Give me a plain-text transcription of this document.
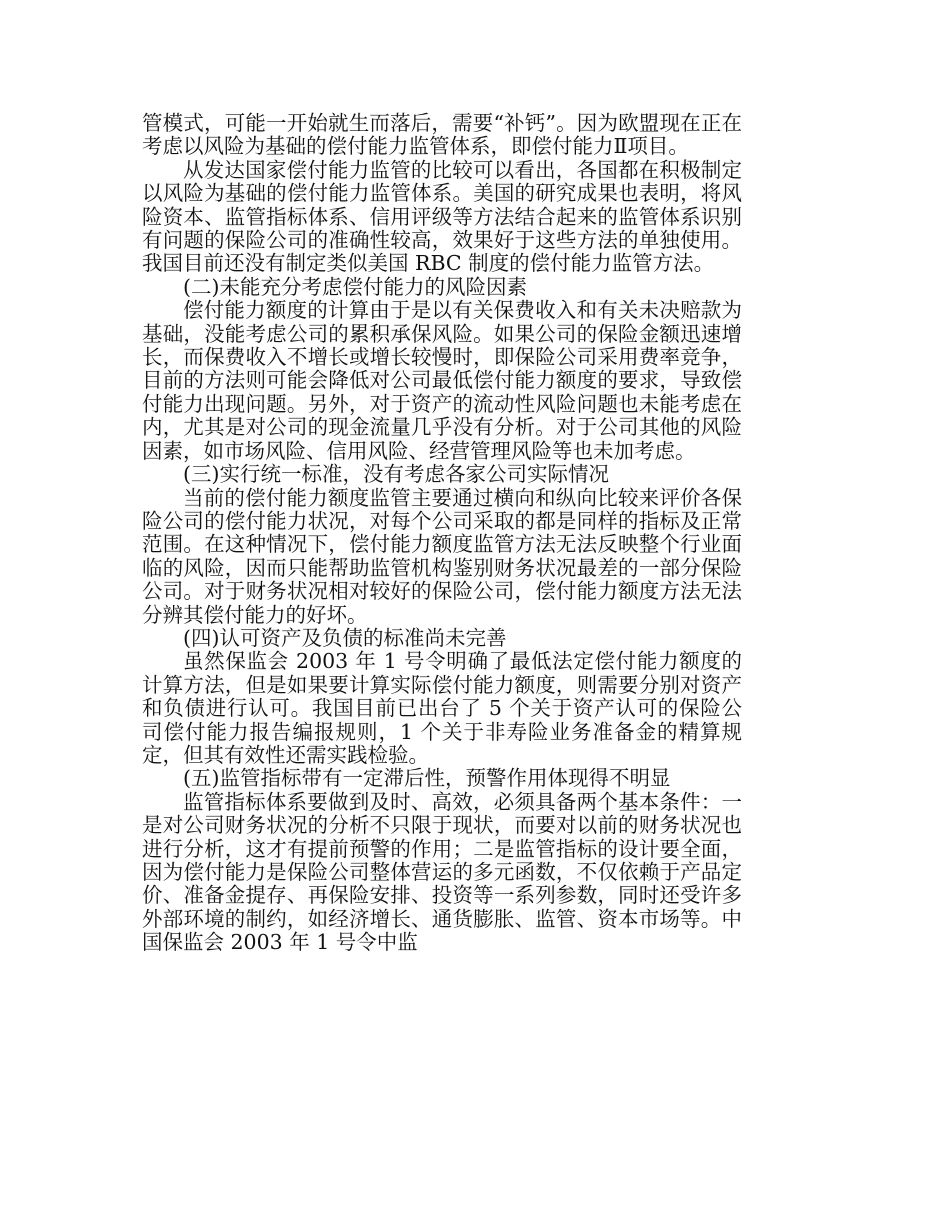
管模式，可能一开始就生而落后，需要“补钙”。因为欧盟现在正在考虑以风险为基础的偿付能力监管体系，即偿付能力Ⅱ项目。

从发达国家偿付能力监管的比较可以看出，各国都在积极制定以风险为基础的偿付能力监管体系。美国的研究成果也表明，将风险资本、监管指标体系、信用评级等方法结合起来的监管体系识别有问题的保险公司的准确性较高，效果好于这些方法的单独使用。我国目前还没有制定类似美国 RBC 制度的偿付能力监管方法。

(二)未能充分考虑偿付能力的风险因素

偿付能力额度的计算由于是以有关保费收入和有关未决赔款为基础，没能考虑公司的累积承保风险。如果公司的保险金额迅速增长，而保费收入不增长或增长较慢时，即保险公司采用费率竞争，目前的方法则可能会降低对公司最低偿付能力额度的要求，导致偿付能力出现问题。另外，对于资产的流动性风险问题也未能考虑在内，尤其是对公司的现金流量几乎没有分析。对于公司其他的风险因素，如市场风险、信用风险、经营管理风险等也未加考虑。

(三)实行统一标准，没有考虑各家公司实际情况

当前的偿付能力额度监管主要通过横向和纵向比较来评价各保险公司的偿付能力状况，对每个公司采取的都是同样的指标及正常范围。在这种情况下，偿付能力额度监管方法无法反映整个行业面临的风险，因而只能帮助监管机构鉴别财务状况最差的一部分保险公司。对于财务状况相对较好的保险公司，偿付能力额度方法无法分辨其偿付能力的好坏。

(四)认可资产及负债的标准尚未完善

虽然保监会 2003 年 1 号令明确了最低法定偿付能力额度的计算方法，但是如果要计算实际偿付能力额度，则需要分别对资产和负债进行认可。我国目前已出台了 5 个关于资产认可的保险公司偿付能力报告编报规则，1 个关于非寿险业务准备金的精算规定，但其有效性还需实践检验。

(五)监管指标带有一定滞后性，预警作用体现得不明显

监管指标体系要做到及时、高效，必须具备两个基本条件：一是对公司财务状况的分析不只限于现状，而要对以前的财务状况也进行分析，这才有提前预警的作用；二是监管指标的设计要全面，因为偿付能力是保险公司整体营运的多元函数，不仅依赖于产品定价、准备金提存、再保险安排、投资等一系列参数，同时还受许多外部环境的制约，如经济增长、通货膨胀、监管、资本市场等。中国保监会 2003 年 1 号令中监
